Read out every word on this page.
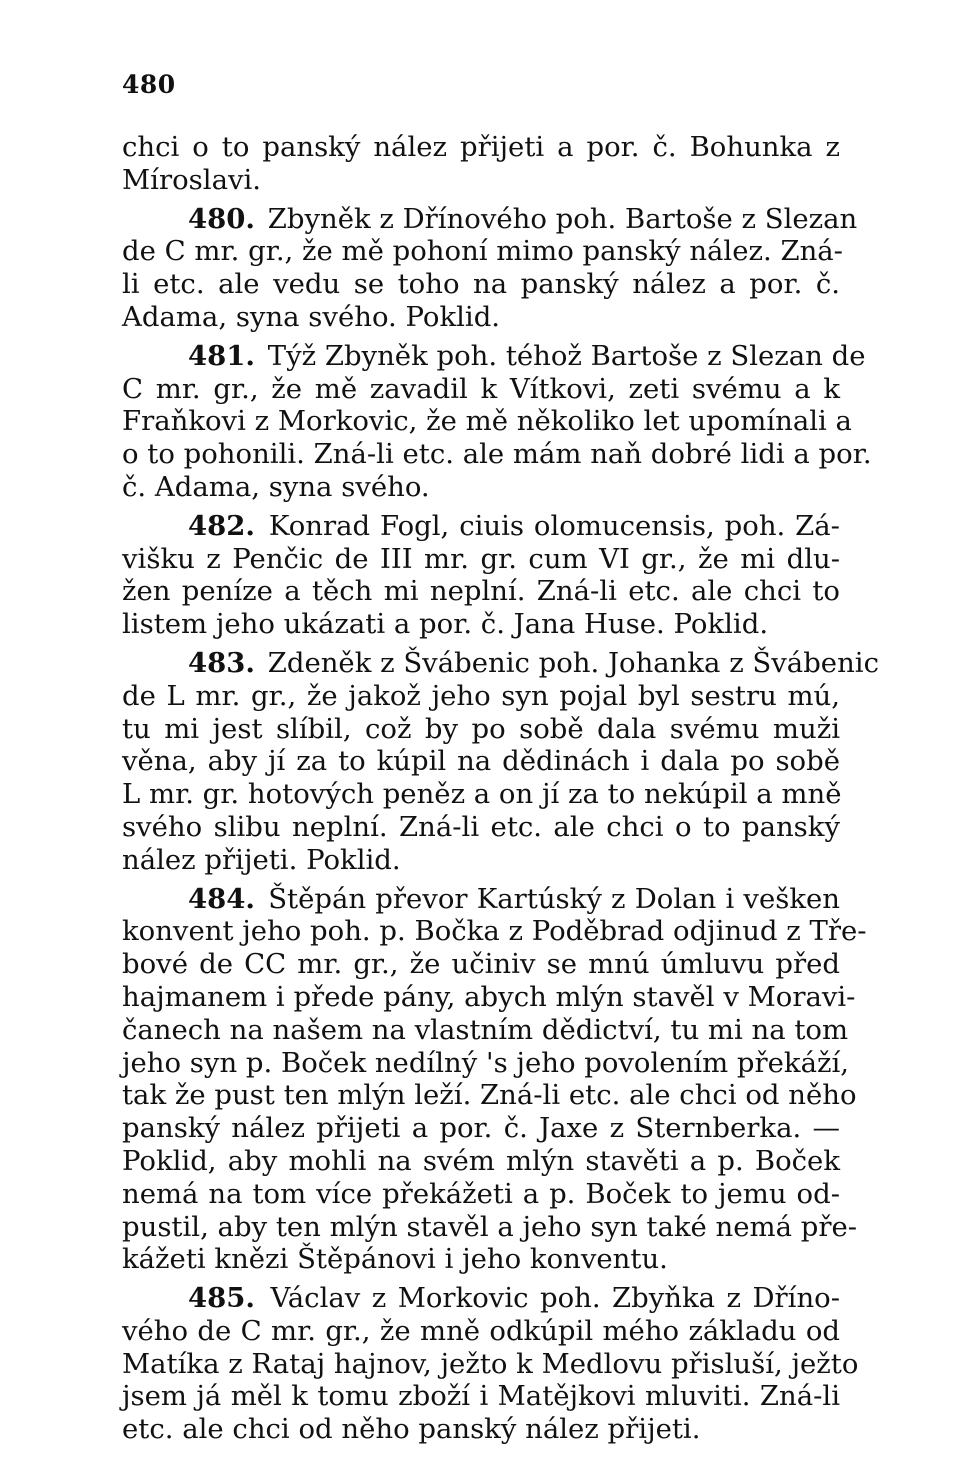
480
chci o to panský nález přijeti a por. č. Bohunka z
Míroslavi.
480. Zbyněk z Dřínového poh. Bartoše z Slezan
de C mr. gr., že mě pohoní mimo panský nález. Zná-
li etc. ale vedu se toho na panský nález a por. č.
Adama, syna svého. Poklid.
481. Týž Zbyněk poh. téhož Bartoše z Slezan de
C mr. gr., že mě zavadil k Vítkovi, zeti svému a k
Fraňkovi z Morkovic, že mě několiko let upomínali a
o to pohonili. Zná-li etc. ale mám naň dobré lidi a por.
č. Adama, syna svého.
482. Konrad Fogl, ciuis olomucensis, poh. Zá-
višku z Penčic de III mr. gr. cum VI gr., že mi dlu-
žen peníze a těch mi neplní. Zná-li etc. ale chci to
listem jeho ukázati a por. č. Jana Huse. Poklid.
483. Zdeněk z Švábenic poh. Johanka z Švábenic
de L mr. gr., že jakož jeho syn pojal byl sestru mú,
tu mi jest slíbil, což by po sobě dala svému muži
věna, aby jí za to kúpil na dědinách i dala po sobě
L mr. gr. hotových peněz a on jí za to nekúpil a mně
svého slibu neplní. Zná-li etc. ale chci o to panský
nález přijeti. Poklid.
484. Štěpán převor Kartúský z Dolan i vešken
konvent jeho poh. p. Bočka z Poděbrad odjinud z Tře-
bové de CC mr. gr., že učiniv se mnú úmluvu před
hajmanem i přede pány, abych mlýn stavěl v Moravi-
čanech na našem na vlastním dědictví, tu mi na tom
jeho syn p. Boček nedílný 's jeho povolením překáží,
tak že pust ten mlýn leží. Zná-li etc. ale chci od něho
panský nález přijeti a por. č. Jaxe z Sternberka. —
Poklid, aby mohli na svém mlýn stavěti a p. Boček
nemá na tom více překážeti a p. Boček to jemu od-
pustil, aby ten mlýn stavěl a jeho syn také nemá pře-
kážeti knězi Štěpánovi i jeho konventu.
485. Václav z Morkovic poh. Zbyňka z Dříno-
vého de C mr. gr., že mně odkúpil mého základu od
Matíka z Rataj hajnov, ježto k Medlovu přisluší, ježto
jsem já měl k tomu zboží i Matějkovi mluviti. Zná-li
etc. ale chci od něho panský nález přijeti.
